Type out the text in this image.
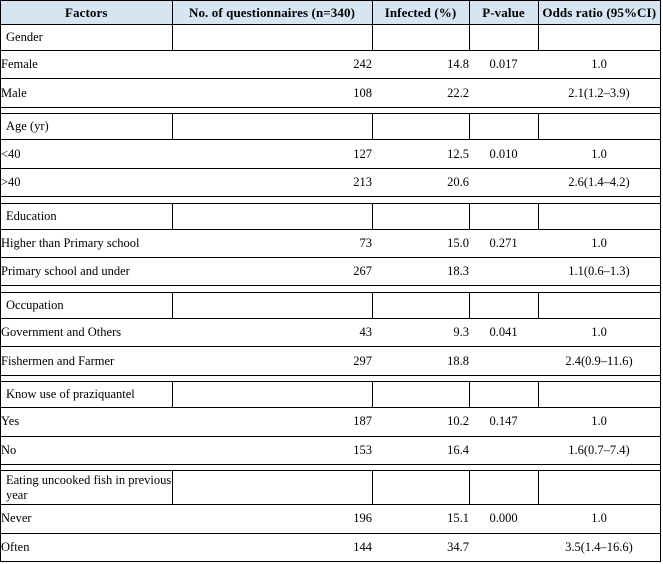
Factors	No. of questionnaires (n=340)	Infected (%)	P-value	Odds ratio (95%CI)
Gender				
Female	242	14.8	0.017	1.0
Male	108	22.2		2.1(1.2–3.9)

Age (yr)				
<40	127	12.5	0.010	1.0
>40	213	20.6		2.6(1.4–4.2)

Education				
Higher than Primary school	73	15.0	0.271	1.0
Primary school and under	267	18.3		1.1(0.6–1.3)

Occupation				
Government and Others	43	9.3	0.041	1.0
Fishermen and Farmer	297	18.8		2.4(0.9–11.6)

Know use of praziquantel				
Yes	187	10.2	0.147	1.0
No	153	16.4		1.6(0.7–7.4)

Eating uncooked fish in previous year				
Never	196	15.1	0.000	1.0
Often	144	34.7		3.5(1.4–16.6)
